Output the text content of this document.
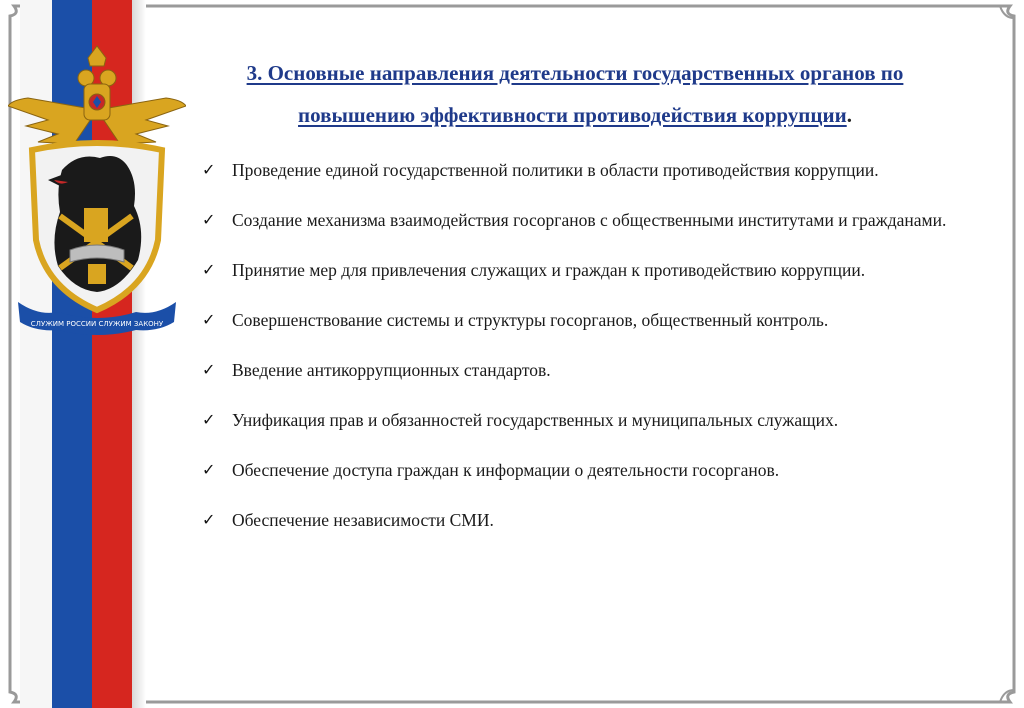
СЛУЖИМ РОССИИ СЛУЖИМ ЗАКОНУ
3. Основные направления деятельности государственных органов по
повышению эффективности противодействия коррупции.
✓ Проведение единой государственной политики в области противодействия коррупции.
✓ Создание механизма взаимодействия госорганов с общественными институтами и гражданами.
✓ Принятие мер для привлечения служащих и граждан к противодействию коррупции.
✓ Совершенствование системы и структуры госорганов, общественный контроль.
✓ Введение антикоррупционных стандартов.
✓ Унификация прав и обязанностей государственных и муниципальных служащих.
✓ Обеспечение доступа граждан к информации о деятельности госорганов.
✓ Обеспечение независимости СМИ.
